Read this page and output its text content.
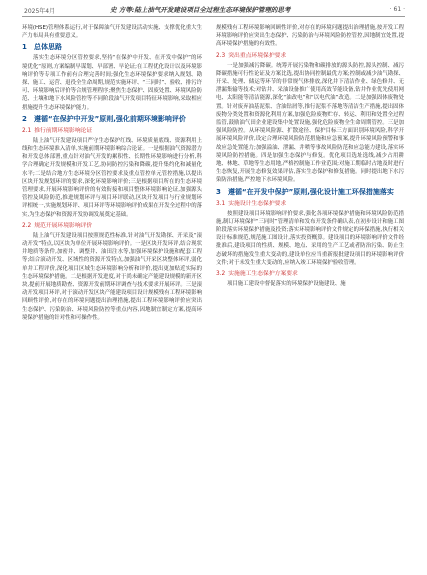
2025年4月	史 方等:陆上油气开发建设项目全过程生态环境保护管理的思考	· 61 ·

环境(HSE)管理体系运行,对于保障油气开发建设活动实施、支撑优化重大生产力布局具有重要意义。

1	总体思路

落实生态环境分区管控要求,坚持“在保护中开发、在开发中保护”的环境优化“原则,方案编制早谋划、早部署、早论证;在工程优化设计以及环境影响评价等专项工作前有合理完善时间;强化生态环境保护要求纳入规划、勘探、施工、运营、退役全生命周期,规范实施环评、“三同时”、验收、排污许可、环境影响后评价等合规管理程序;聚焦生态保护、固废处置、环境风险防范、土壤和地下水风险管控等不同阶段油气开发项目特征环境影响,采取相应措施提升生态环境保护能力。

2	遵循“在保护中开发”原则,强化前期环境影响评价
2.1 推行前期环境影响论证

陆上油气开发建设项目严守生态保护红线、环境质量底线、资源利用上线和生态环境准入清单,实施前期环境影响综合论证。一是根据油气资源潜力和开发总体部署,重点针对油气开发的累积性、长期性环境影响进行分析,科学合理确定开发规模和开发工艺,协同防控污染和降碳,提升集约化和减量化水平;二是结合地方生态环境分区管控要求及重点管控单元管控措施,以提出区块开发规划环评的要求,深化环境影响评价;三是根据项目所在的生态环境管理要求,开展环境影响评价的有效衔接和项目整体环境影响论证,加强源头管控及风险防范,推进规划环评与项目环评联动,区块开发项目与行业规划环评相统一,实施规划环评、项目环评等环境影响评价成果在开发全过程中的落实,为生态保护和资源开发协调发展奠定基础。

2.2 规范开展环境影响评价

陆上油气开发建设项目按照规范性标准,针对油气开发勘探、开采及“滚动开发”特点,以区块为单位开展环境影响评价。一是区块开发环评,结合现状井地质等条件,加密井、调整井、油田注水等,加强环境保护设施和配套工程等;结合滚动开发、区域性的资源开发特点,加强油气开采区块整体环评,弱化单井工程评价,深化项目区域生态环境影响分析和评价,提出更加贴近实际的生态环境保护措施。二是根据开发进度,对于尚未确定产能建设规模的新开区块,提前开展地质勘查、资源开发前期环评调查与技术要求开展环评。三是滚动开发项目环评,对于滚动开发区块产能建设项目设计规模残有工程环境影响回顾性评价,对存在的环境问题提出治理措施,提出工程环境影响评价应突出生态保护、污染防治、环境风险防控等重点内容,因地制宜制定方案,提高环境保护措施的针对性和可操作性。

规模残有工程环境影响回顾性评价,对存在的环境问题提出治理措施,按开发工程环境影响评价应突出生态保护、污染防治与环境风险防控管控,因地制宜处置,提高环境保护措施的有效性。

2.3 突出重点环境保护要求

一是加强减污降碳。统筹开展污染物和碳排放的源头防控,源头控制、减污降碳措施可行性论证及方案比选,提出协同控制最优方案;控制或减少油气勘探、开采、处理、储运等环节的非常规气体排放,深化井下清洁作业、绿色修井、无泄漏集输等技术;对钻井、采油设备推广使用高效节能设备,钻井作业优先使用网电、太阳能等清洁能源,深化“油改电”和“以电代油”改造。二是加强固体废物处置。针对废弃油基泥浆、含油钻屑等,推行泥浆不落地等清洁生产措施,提出固体废物分类处置和资源化利用方案,加强危险废物贮存、转运、利用和处置全过程监管,鼓励油气田企业建设集中处置设施,强化危险废物全生命周期管控。三是加强风险防控。从环境风险源、扩散途径、保护目标三方面识别环境风险,科学开展环境风险评价,设定合理环境风险防范措施和应急预案,提升环境风险预警和事故应急处置能力;加强溢油、泄漏、井喷等事故风险防范和应急能力建设,落实环境风险防控措施。四是加强生态保护与修复。优化项目选址选线,减少占用耕地、林地、草地等生态用地,严格控制施工作业范围;对施工期临时占地及时进行生态恢复,开展生态修复效果评估,落实生态保护和修复措施。同时提出地下水污染防治措施,严控地下水环境风险。

3	遵循“在开发中保护”原则,强化设计施工环保措施落实
3.1 实施设计生态保护要求

按照建设项目环境影响评价要求,强化各项环境保护措施和环境风险防范措施,制订环境保护“三同时”管理清单和发布开发条件确认表,在初步设计和施工图阶段落实环境保护措施及投资;落实环境影响评价文件规定的环保措施,执行相关设计标准规范,规范施工图设计,落实投资概算。建设项目的环境影响评价文件经批准后,建设项目的性质、规模、地点、采用的生产工艺或者防治污染、防止生态破坏的措施发生重大变动的,建设单位应当重新报批建设项目的环境影响评价文件;对于未发生重大变动的,应纳入竣工环境保护验收管理。

3.2 实施施工生态保护方案要求

项目施工建设中督促落实的环境保护设施建设、施
